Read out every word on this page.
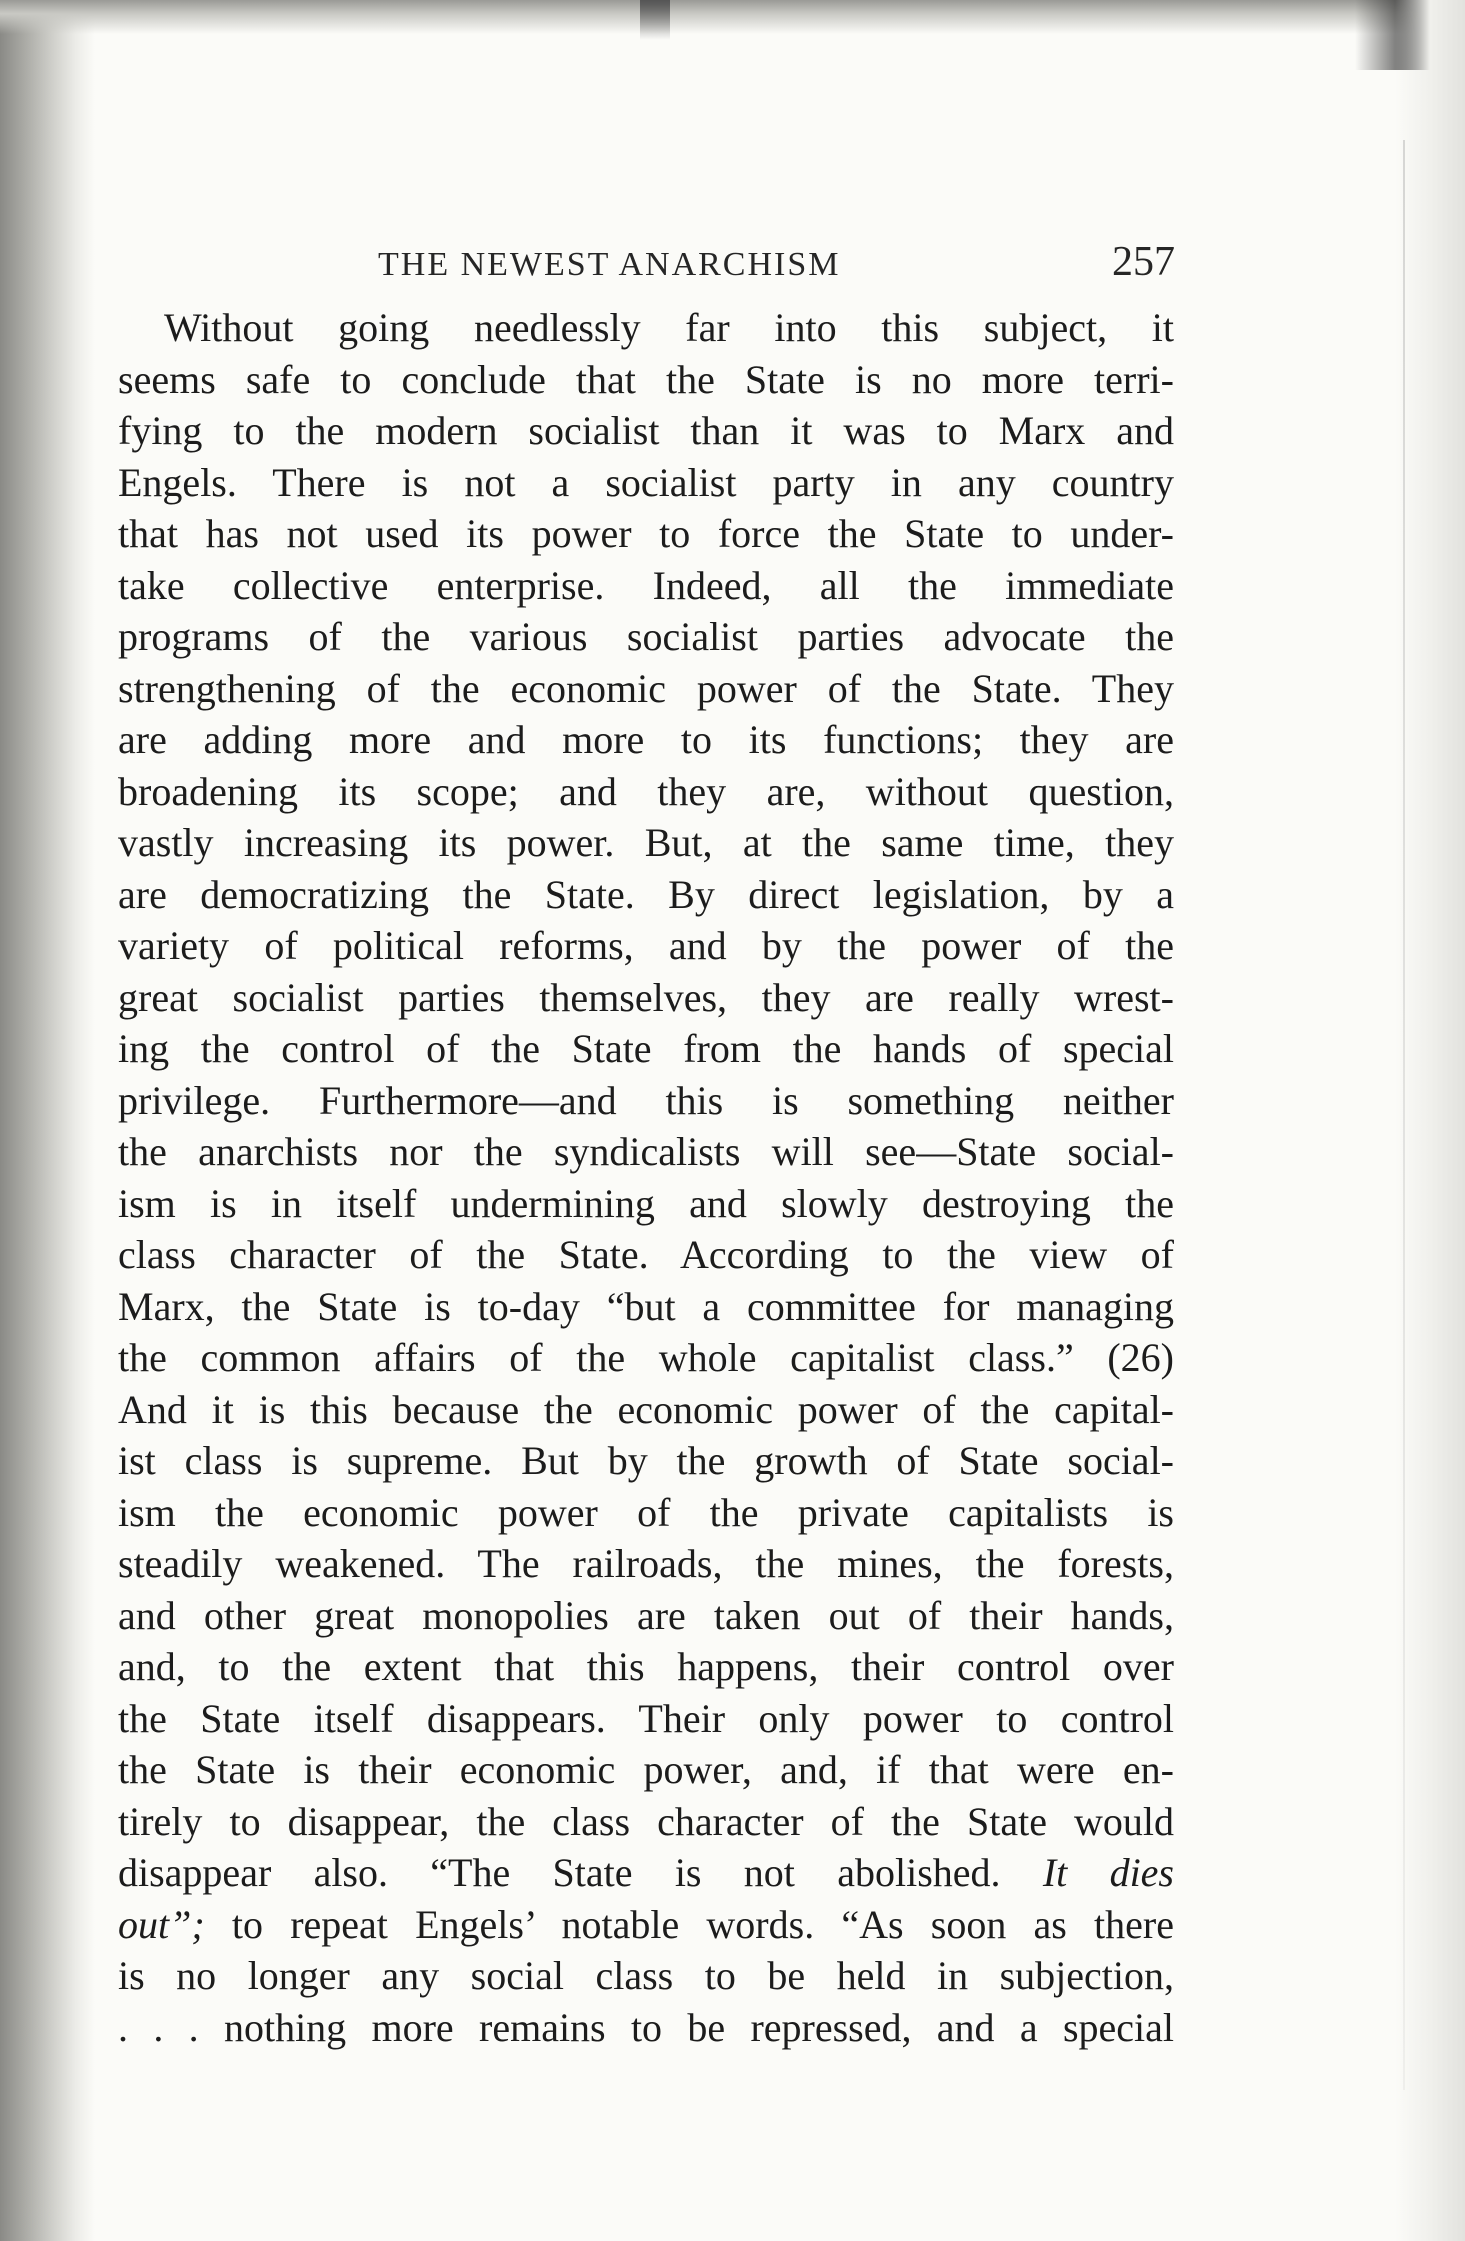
THE NEWEST ANARCHISM	257
Without going needlessly far into this subject, it
seems safe to conclude that the State is no more terri-
fying to the modern socialist than it was to Marx and
Engels. There is not a socialist party in any country
that has not used its power to force the State to under-
take collective enterprise. Indeed, all the immediate
programs of the various socialist parties advocate the
strengthening of the economic power of the State. They
are adding more and more to its functions; they are
broadening its scope; and they are, without question,
vastly increasing its power. But, at the same time, they
are democratizing the State. By direct legislation, by a
variety of political reforms, and by the power of the
great socialist parties themselves, they are really wrest-
ing the control of the State from the hands of special
privilege. Furthermore—and this is something neither
the anarchists nor the syndicalists will see—State social-
ism is in itself undermining and slowly destroying the
class character of the State. According to the view of
Marx, the State is to-day “but a committee for managing
the common affairs of the whole capitalist class.” (26)
And it is this because the economic power of the capital-
ist class is supreme. But by the growth of State social-
ism the economic power of the private capitalists is
steadily weakened. The railroads, the mines, the forests,
and other great monopolies are taken out of their hands,
and, to the extent that this happens, their control over
the State itself disappears. Their only power to control
the State is their economic power, and, if that were en-
tirely to disappear, the class character of the State would
disappear also. “The State is not abolished. It dies
out”; to repeat Engels’ notable words. “As soon as there
is no longer any social class to be held in subjection,
. . . nothing more remains to be repressed, and a special
